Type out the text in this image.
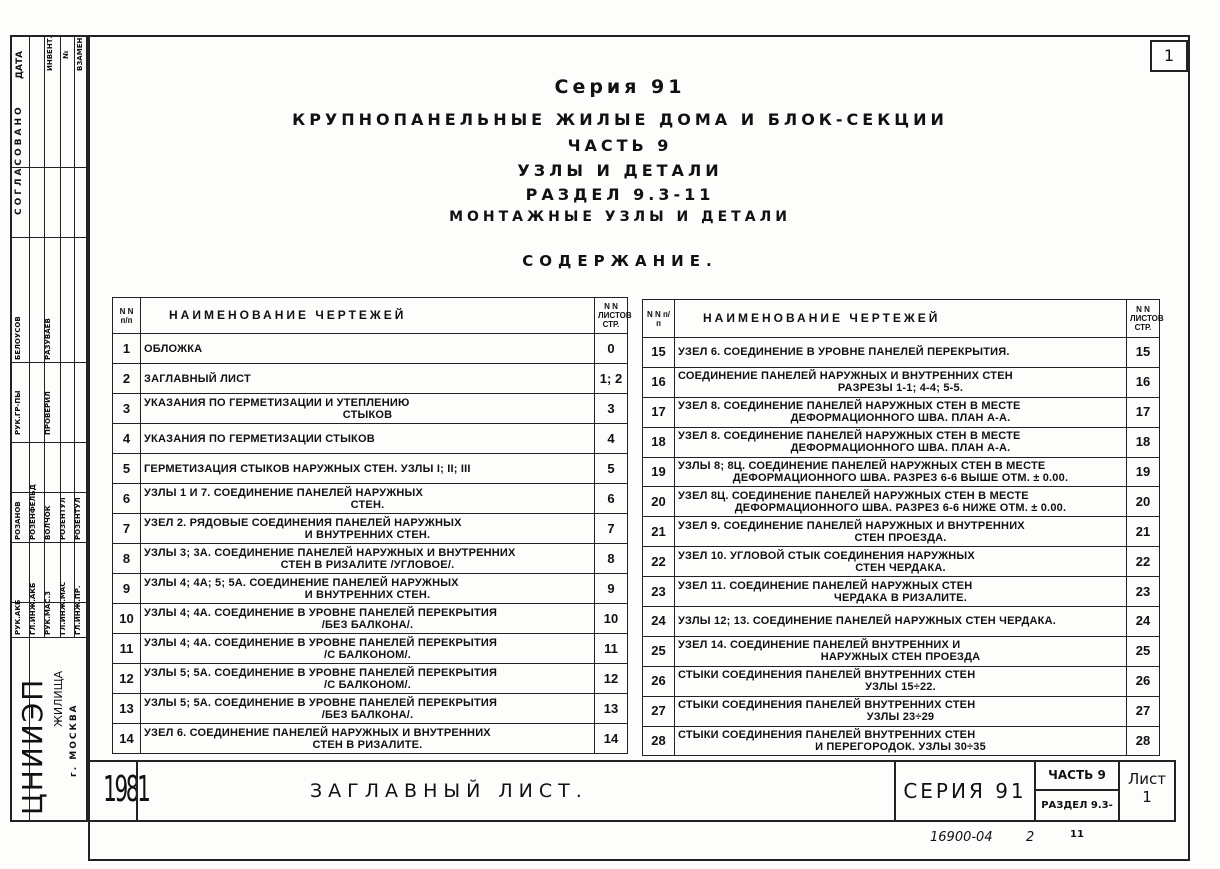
1
Серия 91
КРУПНОПАНЕЛЬНЫЕ ЖИЛЫЕ ДОМА И БЛОК-СЕКЦИИ
ЧАСТЬ 9
УЗЛЫ И ДЕТАЛИ
РАЗДЕЛ 9.3-11
МОНТАЖНЫЕ УЗЛЫ И ДЕТАЛИ
СОДЕРЖАНИЕ.
N N п/п	НАИМЕНОВАНИЕ ЧЕРТЕЖЕЙ	N N ЛИСТОВ СТР.
1	ОБЛОЖКА	0
2	ЗАГЛАВНЫЙ ЛИСТ	1; 2
3	УКАЗАНИЯ ПО ГЕРМЕТИЗАЦИИ И УТЕПЛЕНИЮ
СТЫКОВ	3
4	УКАЗАНИЯ ПО ГЕРМЕТИЗАЦИИ СТЫКОВ	4
5	ГЕРМЕТИЗАЦИЯ СТЫКОВ НАРУЖНЫХ СТЕН. УЗЛЫ I; II; III	5
6	УЗЛЫ 1 И 7. СОЕДИНЕНИЕ ПАНЕЛЕЙ НАРУЖНЫХ
СТЕН.	6
7	УЗЕЛ 2. РЯДОВЫЕ СОЕДИНЕНИЯ ПАНЕЛЕЙ НАРУЖНЫХ
И ВНУТРЕННИХ СТЕН.	7
8	УЗЛЫ 3; 3А. СОЕДИНЕНИЕ ПАНЕЛЕЙ НАРУЖНЫХ И ВНУТРЕННИХ
СТЕН В РИЗАЛИТЕ /УГЛОВОЕ/.	8
9	УЗЛЫ 4; 4А; 5; 5А. СОЕДИНЕНИЕ ПАНЕЛЕЙ НАРУЖНЫХ
И ВНУТРЕННИХ СТЕН.	9
10	УЗЛЫ 4; 4А. СОЕДИНЕНИЕ В УРОВНЕ ПАНЕЛЕЙ ПЕРЕКРЫТИЯ
/БЕЗ БАЛКОНА/.	10
11	УЗЛЫ 4; 4А. СОЕДИНЕНИЕ В УРОВНЕ ПАНЕЛЕЙ ПЕРЕКРЫТИЯ
/С БАЛКОНОМ/.	11
12	УЗЛЫ 5; 5А. СОЕДИНЕНИЕ В УРОВНЕ ПАНЕЛЕЙ ПЕРЕКРЫТИЯ
/С БАЛКОНОМ/.	12
13	УЗЛЫ 5; 5А. СОЕДИНЕНИЕ В УРОВНЕ ПАНЕЛЕЙ ПЕРЕКРЫТИЯ
/БЕЗ БАЛКОНА/.	13
14	УЗЕЛ 6. СОЕДИНЕНИЕ ПАНЕЛЕЙ НАРУЖНЫХ И ВНУТРЕННИХ
СТЕН В РИЗАЛИТЕ.	14
N N п/п	НАИМЕНОВАНИЕ ЧЕРТЕЖЕЙ	N N ЛИСТОВ СТР.
15	УЗЕЛ 6. СОЕДИНЕНИЕ В УРОВНЕ ПАНЕЛЕЙ ПЕРЕКРЫТИЯ.	15
16	СОЕДИНЕНИЕ ПАНЕЛЕЙ НАРУЖНЫХ И ВНУТРЕННИХ СТЕН
РАЗРЕЗЫ 1-1; 4-4; 5-5.	16
17	УЗЕЛ 8. СОЕДИНЕНИЕ ПАНЕЛЕЙ НАРУЖНЫХ СТЕН В МЕСТЕ
ДЕФОРМАЦИОННОГО ШВА. ПЛАН А-А.	17
18	УЗЕЛ 8. СОЕДИНЕНИЕ ПАНЕЛЕЙ НАРУЖНЫХ СТЕН В МЕСТЕ
ДЕФОРМАЦИОННОГО ШВА. ПЛАН А-А.	18
19	УЗЛЫ 8; 8Ц. СОЕДИНЕНИЕ ПАНЕЛЕЙ НАРУЖНЫХ СТЕН В МЕСТЕ
ДЕФОРМАЦИОННОГО ШВА. РАЗРЕЗ 6-6 ВЫШЕ ОТМ. ± 0.00.	19
20	УЗЕЛ 8Ц. СОЕДИНЕНИЕ ПАНЕЛЕЙ НАРУЖНЫХ СТЕН В МЕСТЕ
ДЕФОРМАЦИОННОГО ШВА. РАЗРЕЗ 6-6 НИЖЕ ОТМ. ± 0.00.	20
21	УЗЕЛ 9. СОЕДИНЕНИЕ ПАНЕЛЕЙ НАРУЖНЫХ И ВНУТРЕННИХ
СТЕН ПРОЕЗДА.	21
22	УЗЕЛ 10. УГЛОВОЙ СТЫК СОЕДИНЕНИЯ НАРУЖНЫХ
СТЕН ЧЕРДАКА.	22
23	УЗЕЛ 11. СОЕДИНЕНИЕ ПАНЕЛЕЙ НАРУЖНЫХ СТЕН
ЧЕРДАКА В РИЗАЛИТЕ.	23
24	УЗЛЫ 12; 13. СОЕДИНЕНИЕ ПАНЕЛЕЙ НАРУЖНЫХ СТЕН ЧЕРДАКА.	24
25	УЗЕЛ 14. СОЕДИНЕНИЕ ПАНЕЛЕЙ ВНУТРЕННИХ И
НАРУЖНЫХ СТЕН ПРОЕЗДА	25
26	СТЫКИ СОЕДИНЕНИЯ ПАНЕЛЕЙ ВНУТРЕННИХ СТЕН
УЗЛЫ 15÷22.	26
27	СТЫКИ СОЕДИНЕНИЯ ПАНЕЛЕЙ ВНУТРЕННИХ СТЕН
УЗЛЫ 23÷29	27
28	СТЫКИ СОЕДИНЕНИЯ ПАНЕЛЕЙ ВНУТРЕННИХ СТЕН
И ПЕРЕГОРОДОК. УЗЛЫ 30÷35	28
1981	ЗАГЛАВНЫЙ ЛИСТ.	СЕРИЯ 91
ЧАСТЬ 9
РАЗДЕЛ 9.3-11
Лист
1
16900-04	2
СОГЛАСОВАНО
ДАТА	ИНВЕНТ. № ВЗАМЕН
РУК.АКБ ГЛ.ИНЖ.АКБ РУК.МАС.3 ГЛ.ИНЖ.МАС ГЛ.ИНЖ.ПР.
РОЗАНОВ РОЗЕНФЕЛЬД ВОЛЧОК РОЗЕНТУЛ РОЗЕНТУЛ
РУК.ГР-ПЫ	ПРОВЕРИЛ
БЕЛОУСОВ	РАЗУВАЕВ
ЦНИИЭП ЖИЛИЩА
г. МОСКВА
